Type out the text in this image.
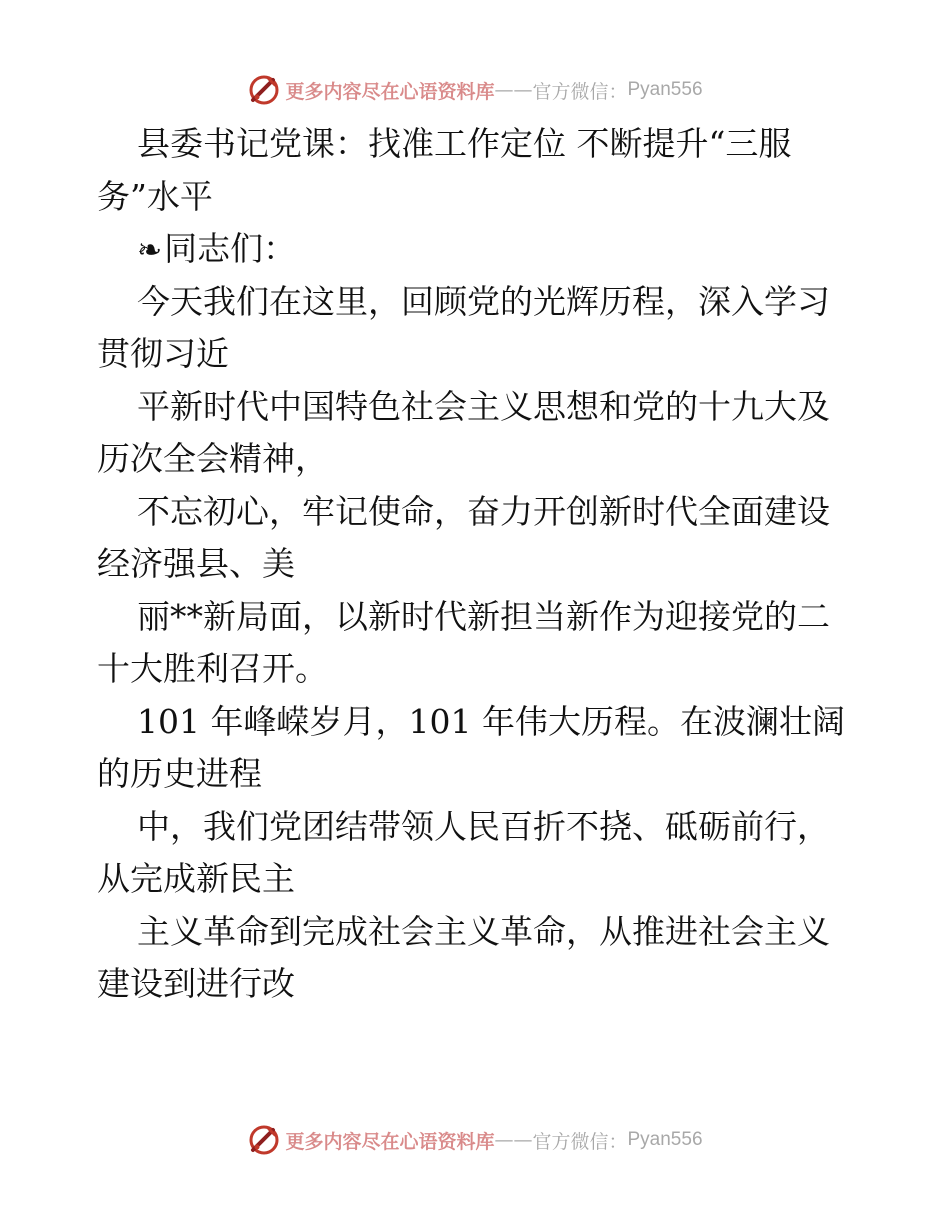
更多内容尽在心语资料库 —— 官方微信： Pyan556
县委书记党课：找准工作定位 不断提升“三服
务”水平
❧同志们：
今天我们在这里，回顾党的光辉历程，深入学习
贯彻习近
平新时代中国特色社会主义思想和党的十九大及
历次全会精神，
不忘初心，牢记使命，奋力开创新时代全面建设
经济强县、美
丽**新局面，以新时代新担当新作为迎接党的二
十大胜利召开。
101 年峰嵘岁月，101 年伟大历程。在波澜壮阔
的历史进程
中，我们党团结带领人民百折不挠、砥砺前行，
从完成新民主
主义革命到完成社会主义革命，从推进社会主义
建设到进行改
更多内容尽在心语资料库 —— 官方微信： Pyan556
